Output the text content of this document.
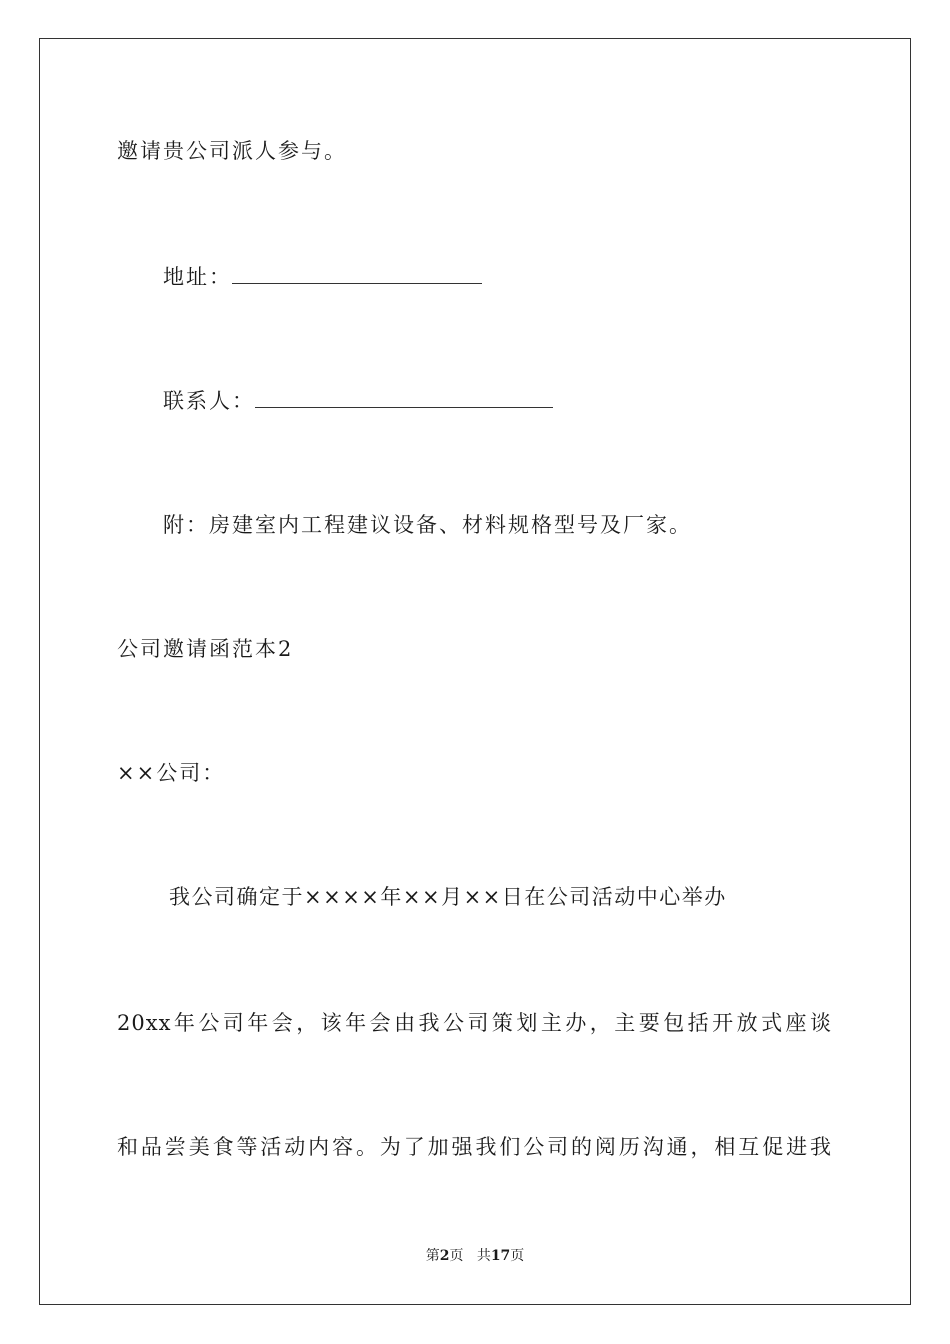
邀请贵公司派人参与。
地址：
联系人：
附：房建室内工程建议设备、材料规格型号及厂家。
公司邀请函范本2
××公司：
我公司确定于××××年××月××日在公司活动中心举办
20xx年公司年会，该年会由我公司策划主办，主要包括开放式座谈
和品尝美食等活动内容。为了加强我们公司的阅历沟通，相互促进我
第2页 共17页
